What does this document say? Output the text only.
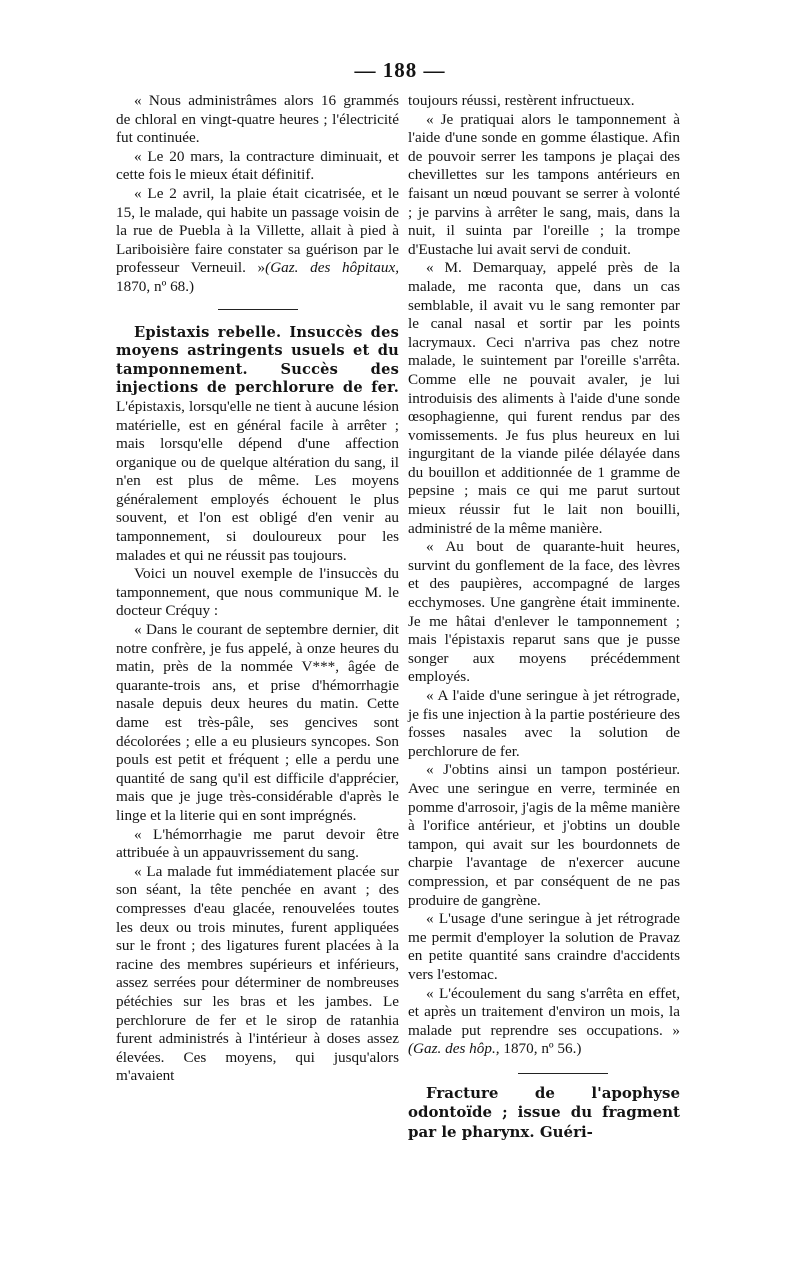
— 188 —

« Nous administrâmes alors 16 grammés de chloral en vingt-quatre heures ; l'électricité fut continuée.

« Le 20 mars, la contracture diminuait, et cette fois le mieux était définitif.

« Le 2 avril, la plaie était cicatrisée, et le 15, le malade, qui habite un passage voisin de la rue de Puebla à la Villette, allait à pied à Lariboisière faire constater sa guérison par le professeur Verneuil. »(Gaz. des hôpitaux, 1870, nº 68.)

Epistaxis rebelle. Insuccès des moyens astringents usuels et du tamponnement. Succès des injections de perchlorure de fer. L'épistaxis, lorsqu'elle ne tient à aucune lésion matérielle, est en général facile à arrêter ; mais lorsqu'elle dépend d'une affection organique ou de quelque altération du sang, il n'en est plus de même. Les moyens généralement employés échouent le plus souvent, et l'on est obligé d'en venir au tamponnement, si douloureux pour les malades et qui ne réussit pas toujours.

Voici un nouvel exemple de l'insuccès du tamponnement, que nous communique M. le docteur Créquy :

« Dans le courant de septembre dernier, dit notre confrère, je fus appelé, à onze heures du matin, près de la nommée V***, âgée de quarante-trois ans, et prise d'hémorrhagie nasale depuis deux heures du matin. Cette dame est très-pâle, ses gencives sont décolorées ; elle a eu plusieurs syncopes. Son pouls est petit et fréquent ; elle a perdu une quantité de sang qu'il est difficile d'apprécier, mais que je juge très-considérable d'après le linge et la literie qui en sont imprégnés.

« L'hémorrhagie me parut devoir être attribuée à un appauvrissement du sang.

« La malade fut immédiatement placée sur son séant, la tête penchée en avant ; des compresses d'eau glacée, renouvelées toutes les deux ou trois minutes, furent appliquées sur le front ; des ligatures furent placées à la racine des membres supérieurs et inférieurs, assez serrées pour déterminer de nombreuses pétéchies sur les bras et les jambes. Le perchlorure de fer et le sirop de ratanhia furent administrés à l'intérieur à doses assez élevées. Ces moyens, qui jusqu'alors m'avaient

toujours réussi, restèrent infructueux.

« Je pratiquai alors le tamponnement à l'aide d'une sonde en gomme élastique. Afin de pouvoir serrer les tampons je plaçai des chevillettes sur les tampons antérieurs en faisant un nœud pouvant se serrer à volonté ; je parvins à arrêter le sang, mais, dans la nuit, il suinta par l'oreille ; la trompe d'Eustache lui avait servi de conduit.

« M. Demarquay, appelé près de la malade, me raconta que, dans un cas semblable, il avait vu le sang remonter par le canal nasal et sortir par les points lacrymaux. Ceci n'arriva pas chez notre malade, le suintement par l'oreille s'arrêta. Comme elle ne pouvait avaler, je lui introduisis des aliments à l'aide d'une sonde œsophagienne, qui furent rendus par des vomissements. Je fus plus heureux en lui ingurgitant de la viande pilée délayée dans du bouillon et additionnée de 1 gramme de pepsine ; mais ce qui me parut surtout mieux réussir fut le lait non bouilli, administré de la même manière.

« Au bout de quarante-huit heures, survint du gonflement de la face, des lèvres et des paupières, accompagné de larges ecchymoses. Une gangrène était imminente. Je me hâtai d'enlever le tamponnement ; mais l'épistaxis reparut sans que je pusse songer aux moyens précédemment employés.

« A l'aide d'une seringue à jet rétrograde, je fis une injection à la partie postérieure des fosses nasales avec la solution de perchlorure de fer.

« J'obtins ainsi un tampon postérieur. Avec une seringue en verre, terminée en pomme d'arrosoir, j'agis de la même manière à l'orifice antérieur, et j'obtins un double tampon, qui avait sur les bourdonnets de charpie l'avantage de n'exercer aucune compression, et par conséquent de ne pas produire de gangrène.

« L'usage d'une seringue à jet rétrograde me permit d'employer la solution de Pravaz en petite quantité sans craindre d'accidents vers l'estomac.

« L'écoulement du sang s'arrêta en effet, et après un traitement d'environ un mois, la malade put reprendre ses occupations. » (Gaz. des hôp., 1870, nº 56.)

Fracture de l'apophyse odontoïde ; issue du fragment par le pharynx. Guéri-
